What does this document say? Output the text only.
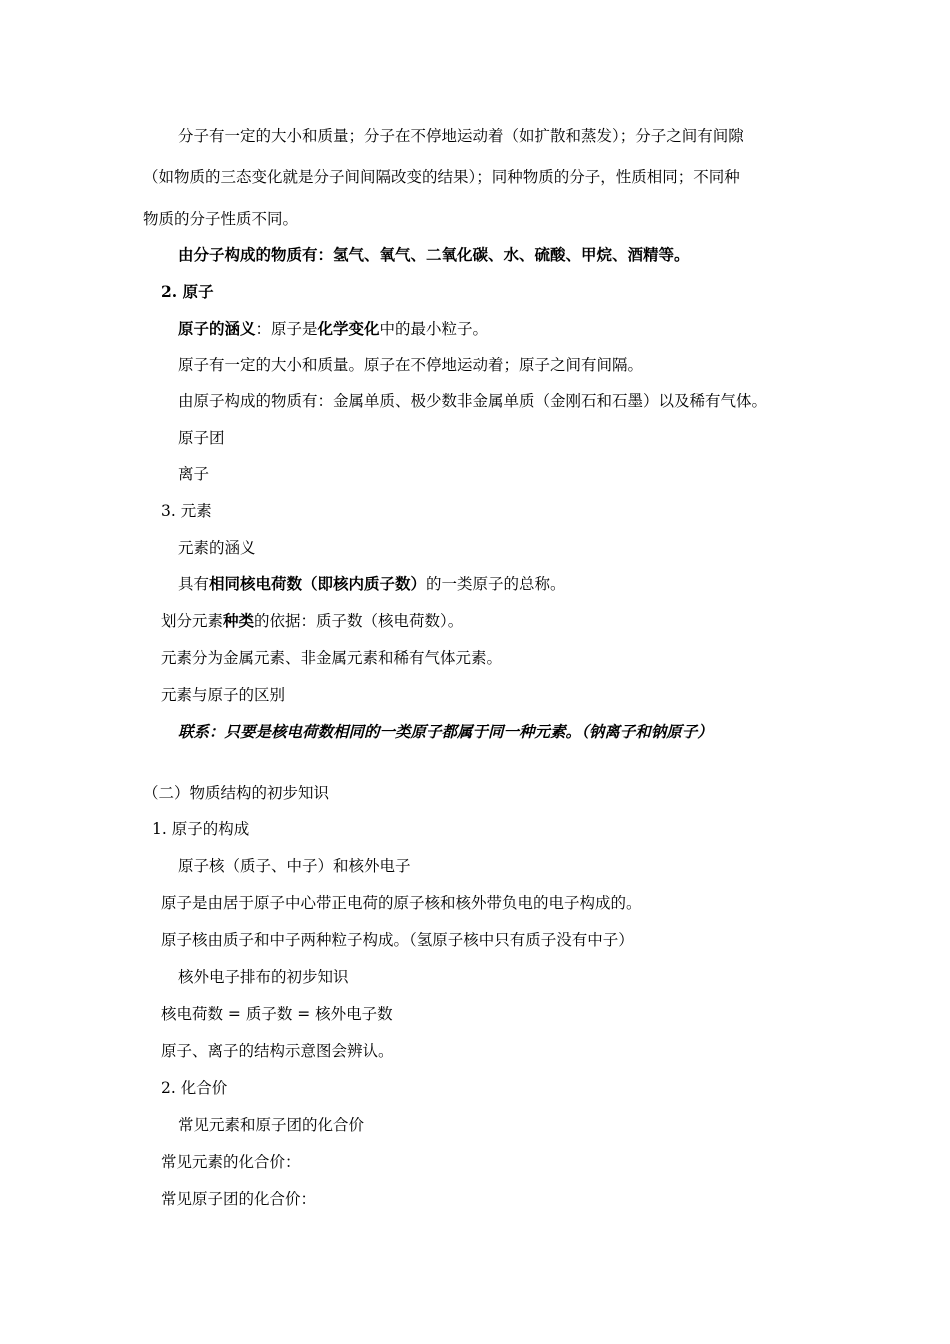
分子有一定的大小和质量；分子在不停地运动着（如扩散和蒸发）；分子之间有间隙
（如物质的三态变化就是分子间间隔改变的结果）；同种物质的分子，性质相同；不同种
物质的分子性质不同。
由分子构成的物质有：氢气、氧气、二氧化碳、水、硫酸、甲烷、酒精等。
2. 原子
原子的涵义：原子是化学变化中的最小粒子。
原子有一定的大小和质量。原子在不停地运动着；原子之间有间隔。
由原子构成的物质有：金属单质、极少数非金属单质（金刚石和石墨）以及稀有气体。
原子团
离子
3. 元素
元素的涵义
具有相同核电荷数（即核内质子数）的一类原子的总称。
划分元素种类的依据：质子数（核电荷数）。
元素分为金属元素、非金属元素和稀有气体元素。
元素与原子的区别
联系：只要是核电荷数相同的一类原子都属于同一种元素。（钠离子和钠原子）
（二）物质结构的初步知识
1. 原子的构成
原子核（质子、中子）和核外电子
原子是由居于原子中心带正电荷的原子核和核外带负电的电子构成的。
原子核由质子和中子两种粒子构成。（氢原子核中只有质子没有中子）
核外电子排布的初步知识
核电荷数 = 质子数 = 核外电子数
原子、离子的结构示意图会辨认。
2. 化合价
常见元素和原子团的化合价
常见元素的化合价：
常见原子团的化合价：
